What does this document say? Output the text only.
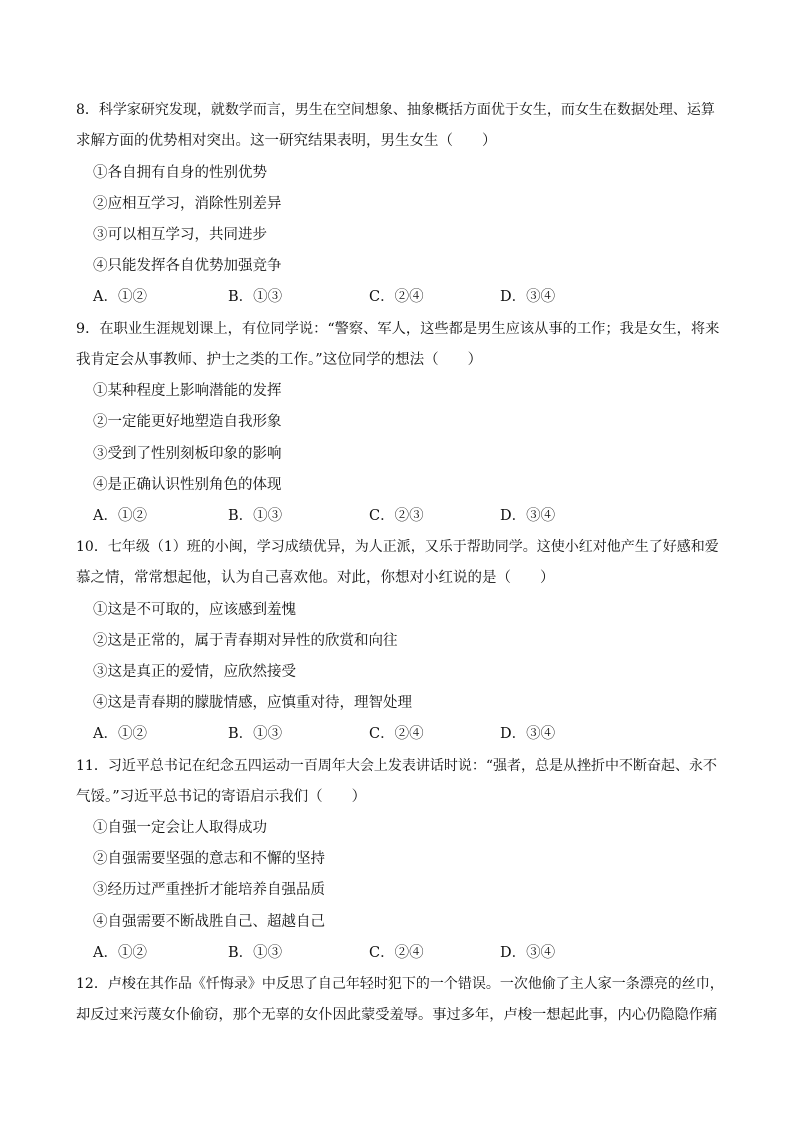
8．科学家研究发现，就数学而言，男生在空间想象、抽象概括方面优于女生，而女生在数据处理、运算
求解方面的优势相对突出。这一研究结果表明，男生女生（　　）
①各自拥有自身的性别优势
②应相互学习，消除性别差异
③可以相互学习，共同进步
④只能发挥各自优势加强竞争
A．①②	B．①③	C．②④	D．③④
9．在职业生涯规划课上，有位同学说：“警察、军人，这些都是男生应该从事的工作；我是女生，将来
我肯定会从事教师、护士之类的工作。”这位同学的想法（　　）
①某种程度上影响潜能的发挥
②一定能更好地塑造自我形象
③受到了性别刻板印象的影响
④是正确认识性别角色的体现
A．①②	B．①③	C．②③	D．③④
10．七年级（1）班的小闽，学习成绩优异，为人正派，又乐于帮助同学。这使小红对他产生了好感和爱
慕之情，常常想起他，认为自己喜欢他。对此，你想对小红说的是（　　）
①这是不可取的，应该感到羞愧
②这是正常的，属于青春期对异性的欣赏和向往
③这是真正的爱情，应欣然接受
④这是青春期的朦胧情感，应慎重对待，理智处理
A．①②	B．①③	C．②④	D．③④
11．习近平总书记在纪念五四运动一百周年大会上发表讲话时说：“强者，总是从挫折中不断奋起、永不
气馁。”习近平总书记的寄语启示我们（　　）
①自强一定会让人取得成功
②自强需要坚强的意志和不懈的坚持
③经历过严重挫折才能培养自强品质
④自强需要不断战胜自己、超越自己
A．①②	B．①③	C．②④	D．③④
12．卢梭在其作品《忏悔录》中反思了自己年轻时犯下的一个错误。一次他偷了主人家一条漂亮的丝巾，
却反过来污蔑女仆偷窃，那个无辜的女仆因此蒙受羞辱。事过多年，卢梭一想起此事，内心仍隐隐作痛
